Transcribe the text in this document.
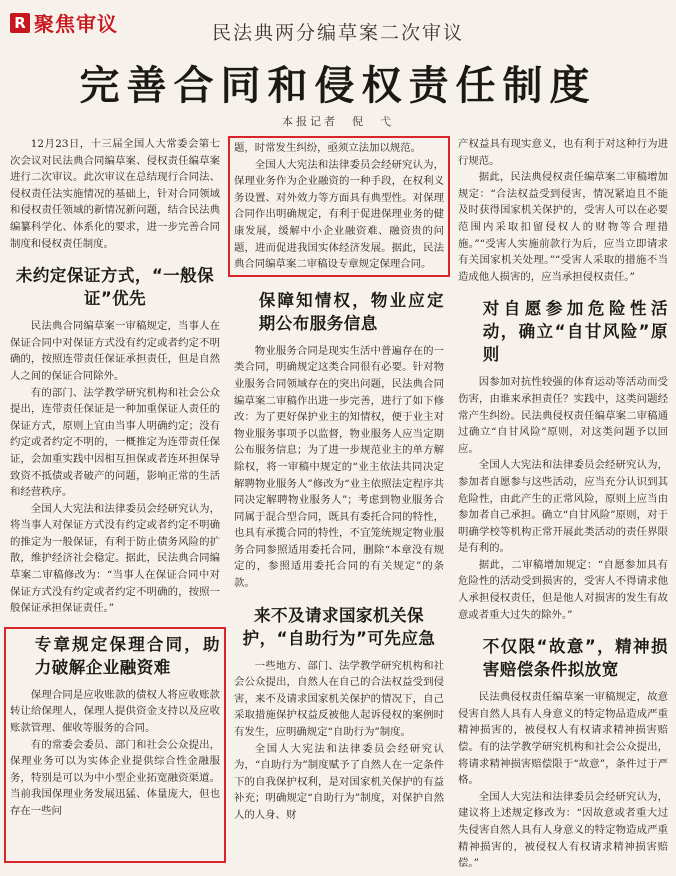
R 聚焦审议	民法典两分编草案二次审议
完善合同和侵权责任制度
本报记者　倪　弋

12月23日，十三届全国人大常委会第七次会议对民法典合同编草案、侵权责任编草案进行二次审议。此次审议在总结现行合同法、侵权责任法实施情况的基础上，针对合同领域和侵权责任领域的新情况新问题，结合民法典编纂科学化、体系化的要求，进一步完善合同制度和侵权责任制度。

未约定保证方式，“一般保证”优先

民法典合同编草案一审稿规定，当事人在保证合同中对保证方式没有约定或者约定不明确的，按照连带责任保证承担责任，但是自然人之间的保证合同除外。

有的部门、法学教学研究机构和社会公众提出，连带责任保证是一种加重保证人责任的保证方式，原则上宜由当事人明确约定；没有约定或者约定不明的，一概推定为连带责任保证，会加重实践中因相互担保或者连环担保导致资不抵债或者破产的问题，影响正常的生活和经营秩序。

全国人大宪法和法律委员会经研究认为，将当事人对保证方式没有约定或者约定不明确的推定为一般保证，有利于防止债务风险的扩散，维护经济社会稳定。据此，民法典合同编草案二审稿修改为：“当事人在保证合同中对保证方式没有约定或者约定不明确的，按照一般保证承担保证责任。”

专章规定保理合同，助力破解企业融资难

保理合同是应收账款的债权人将应收账款转让给保理人，保理人提供资金支持以及应收账款管理、催收等服务的合同。

有的常委会委员、部门和社会公众提出，保理业务可以为实体企业提供综合性金融服务，特别是可以为中小型企业拓宽融资渠道。当前我国保理业务发展迅猛、体量庞大，但也存在一些问

题，时常发生纠纷，亟须立法加以规范。

全国人大宪法和法律委员会经研究认为，保理业务作为企业融资的一种手段，在权利义务设置、对外效力等方面具有典型性。对保理合同作出明确规定，有利于促进保理业务的健康发展，缓解中小企业融资难、融资贵的问题，进而促进我国实体经济发展。据此，民法典合同编草案二审稿设专章规定保理合同。

保障知情权，物业应定期公布服务信息

物业服务合同是现实生活中普遍存在的一类合同，明确规定这类合同很有必要。针对物业服务合同领域存在的突出问题，民法典合同编草案二审稿作出进一步完善，进行了如下修改：为了更好保护业主的知情权，便于业主对物业服务事项予以监督，物业服务人应当定期公布服务信息；为了进一步规范业主的单方解除权，将一审稿中规定的“业主依法共同决定解聘物业服务人”修改为“业主依照法定程序共同决定解聘物业服务人”；考虑到物业服务合同属于混合型合同，既具有委托合同的特性，也具有承揽合同的特性，不宜笼统规定物业服务合同参照适用委托合同，删除“本章没有规定的，参照适用委托合同的有关规定”的条款。

来不及请求国家机关保护，“自助行为”可先应急

一些地方、部门、法学教学研究机构和社会公众提出，自然人在自己的合法权益受到侵害，来不及请求国家机关保护的情况下，自己采取措施保护权益反被他人起诉侵权的案例时有发生，应明确规定“自助行为”制度。

全国人大宪法和法律委员会经研究认为，“自助行为”制度赋予了自然人在一定条件下的自我保护权利，是对国家机关保护的有益补充；明确规定“自助行为”制度，对保护自然人的人身、财

产权益具有现实意义，也有利于对这种行为进行规范。

据此，民法典侵权责任编草案二审稿增加规定：“合法权益受到侵害，情况紧迫且不能及时获得国家机关保护的，受害人可以在必要范围内采取扣留侵权人的财物等合理措施。”“受害人实施前款行为后，应当立即请求有关国家机关处理。”“受害人采取的措施不当造成他人损害的，应当承担侵权责任。”

对自愿参加危险性活动，确立“自甘风险”原则

因参加对抗性较强的体育运动等活动而受伤害，由谁来承担责任？实践中，这类问题经常产生纠纷。民法典侵权责任编草案二审稿通过确立“自甘风险”原则，对这类问题予以回应。

全国人大宪法和法律委员会经研究认为，参加者自愿参与这些活动，应当充分认识到其危险性，由此产生的正常风险，原则上应当由参加者自己承担。确立“自甘风险”原则，对于明确学校等机构正常开展此类活动的责任界限是有利的。

据此，二审稿增加规定：“自愿参加具有危险性的活动受到损害的，受害人不得请求他人承担侵权责任，但是他人对损害的发生有故意或者重大过失的除外。”

不仅限“故意”，精神损害赔偿条件拟放宽

民法典侵权责任编草案一审稿规定，故意侵害自然人具有人身意义的特定物品造成严重精神损害的，被侵权人有权请求精神损害赔偿。有的法学教学研究机构和社会公众提出，将请求精神损害赔偿限于“故意”，条件过于严格。

全国人大宪法和法律委员会经研究认为，建议将上述规定修改为：“因故意或者重大过失侵害自然人具有人身意义的特定物造成严重精神损害的，被侵权人有权请求精神损害赔偿。”
